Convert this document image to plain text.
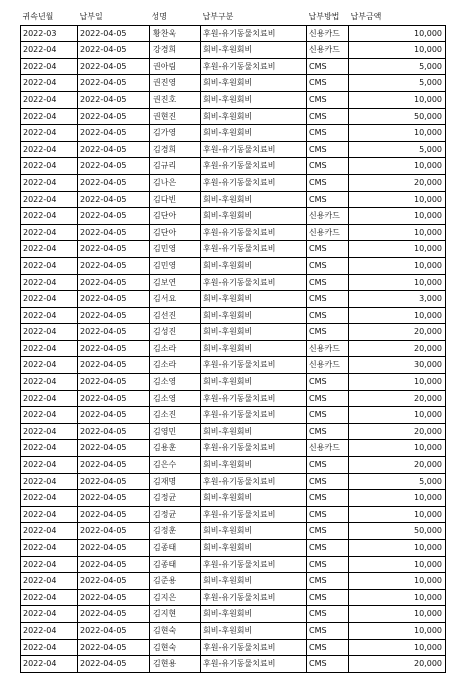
귀속년월	납부일	성명	납부구분	납부방법	납부금액
2022-03	2022-04-05	황찬욱	후원-유기동물치료비	신용카드	10,000
2022-04	2022-04-05	강경희	회비-후원회비	신용카드	10,000
2022-04	2022-04-05	권아림	후원-유기동물치료비	CMS	5,000
2022-04	2022-04-05	권진영	회비-후원회비	CMS	5,000
2022-04	2022-04-05	권진호	회비-후원회비	CMS	10,000
2022-04	2022-04-05	권현진	회비-후원회비	CMS	50,000
2022-04	2022-04-05	김가영	회비-후원회비	CMS	10,000
2022-04	2022-04-05	김경희	후원-유기동물치료비	CMS	5,000
2022-04	2022-04-05	김규리	후원-유기동물치료비	CMS	10,000
2022-04	2022-04-05	김나은	후원-유기동물치료비	CMS	20,000
2022-04	2022-04-05	김다빈	회비-후원회비	CMS	10,000
2022-04	2022-04-05	김단아	회비-후원회비	신용카드	10,000
2022-04	2022-04-05	김단아	후원-유기동물치료비	신용카드	10,000
2022-04	2022-04-05	김민영	후원-유기동물치료비	CMS	10,000
2022-04	2022-04-05	김민영	회비-후원회비	CMS	10,000
2022-04	2022-04-05	김보연	후원-유기동물치료비	CMS	10,000
2022-04	2022-04-05	김서요	회비-후원회비	CMS	3,000
2022-04	2022-04-05	김선진	회비-후원회비	CMS	10,000
2022-04	2022-04-05	김성진	회비-후원회비	CMS	20,000
2022-04	2022-04-05	김소라	회비-후원회비	신용카드	20,000
2022-04	2022-04-05	김소라	후원-유기동물치료비	신용카드	30,000
2022-04	2022-04-05	김소영	회비-후원회비	CMS	10,000
2022-04	2022-04-05	김소영	후원-유기동물치료비	CMS	20,000
2022-04	2022-04-05	김소진	후원-유기동물치료비	CMS	10,000
2022-04	2022-04-05	김영민	회비-후원회비	CMS	20,000
2022-04	2022-04-05	김용훈	후원-유기동물치료비	신용카드	10,000
2022-04	2022-04-05	김은수	회비-후원회비	CMS	20,000
2022-04	2022-04-05	김재명	후원-유기동물치료비	CMS	5,000
2022-04	2022-04-05	김정균	회비-후원회비	CMS	10,000
2022-04	2022-04-05	김정균	후원-유기동물치료비	CMS	10,000
2022-04	2022-04-05	김정훈	회비-후원회비	CMS	50,000
2022-04	2022-04-05	김종태	회비-후원회비	CMS	10,000
2022-04	2022-04-05	김종태	후원-유기동물치료비	CMS	10,000
2022-04	2022-04-05	김준용	회비-후원회비	CMS	10,000
2022-04	2022-04-05	김지은	후원-유기동물치료비	CMS	10,000
2022-04	2022-04-05	김지현	회비-후원회비	CMS	10,000
2022-04	2022-04-05	김현숙	회비-후원회비	CMS	10,000
2022-04	2022-04-05	김현숙	후원-유기동물치료비	CMS	10,000
2022-04	2022-04-05	김현용	후원-유기동물치료비	CMS	20,000
